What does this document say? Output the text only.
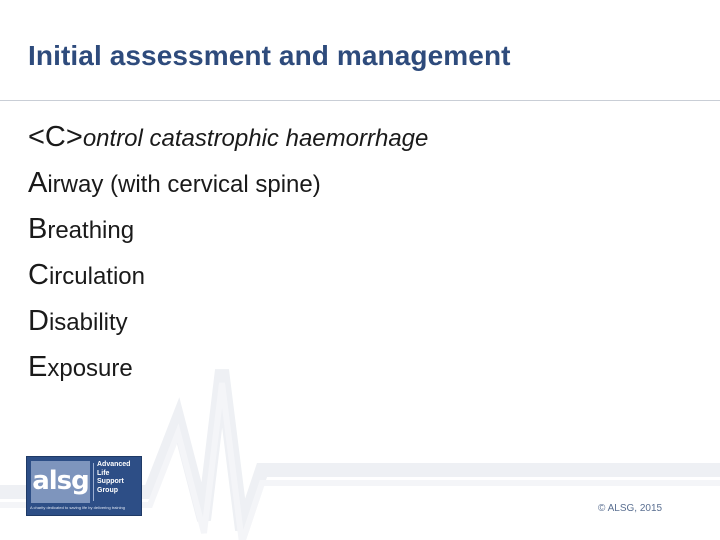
Initial assessment and management
<C>ontrol catastrophic haemorrhage
Airway (with cervical spine)
Breathing
Circulation
Disability
Exposure
alsg
Advanced
Life
Support
Group
A charity dedicated to saving life by delivering training	© ALSG, 2015
